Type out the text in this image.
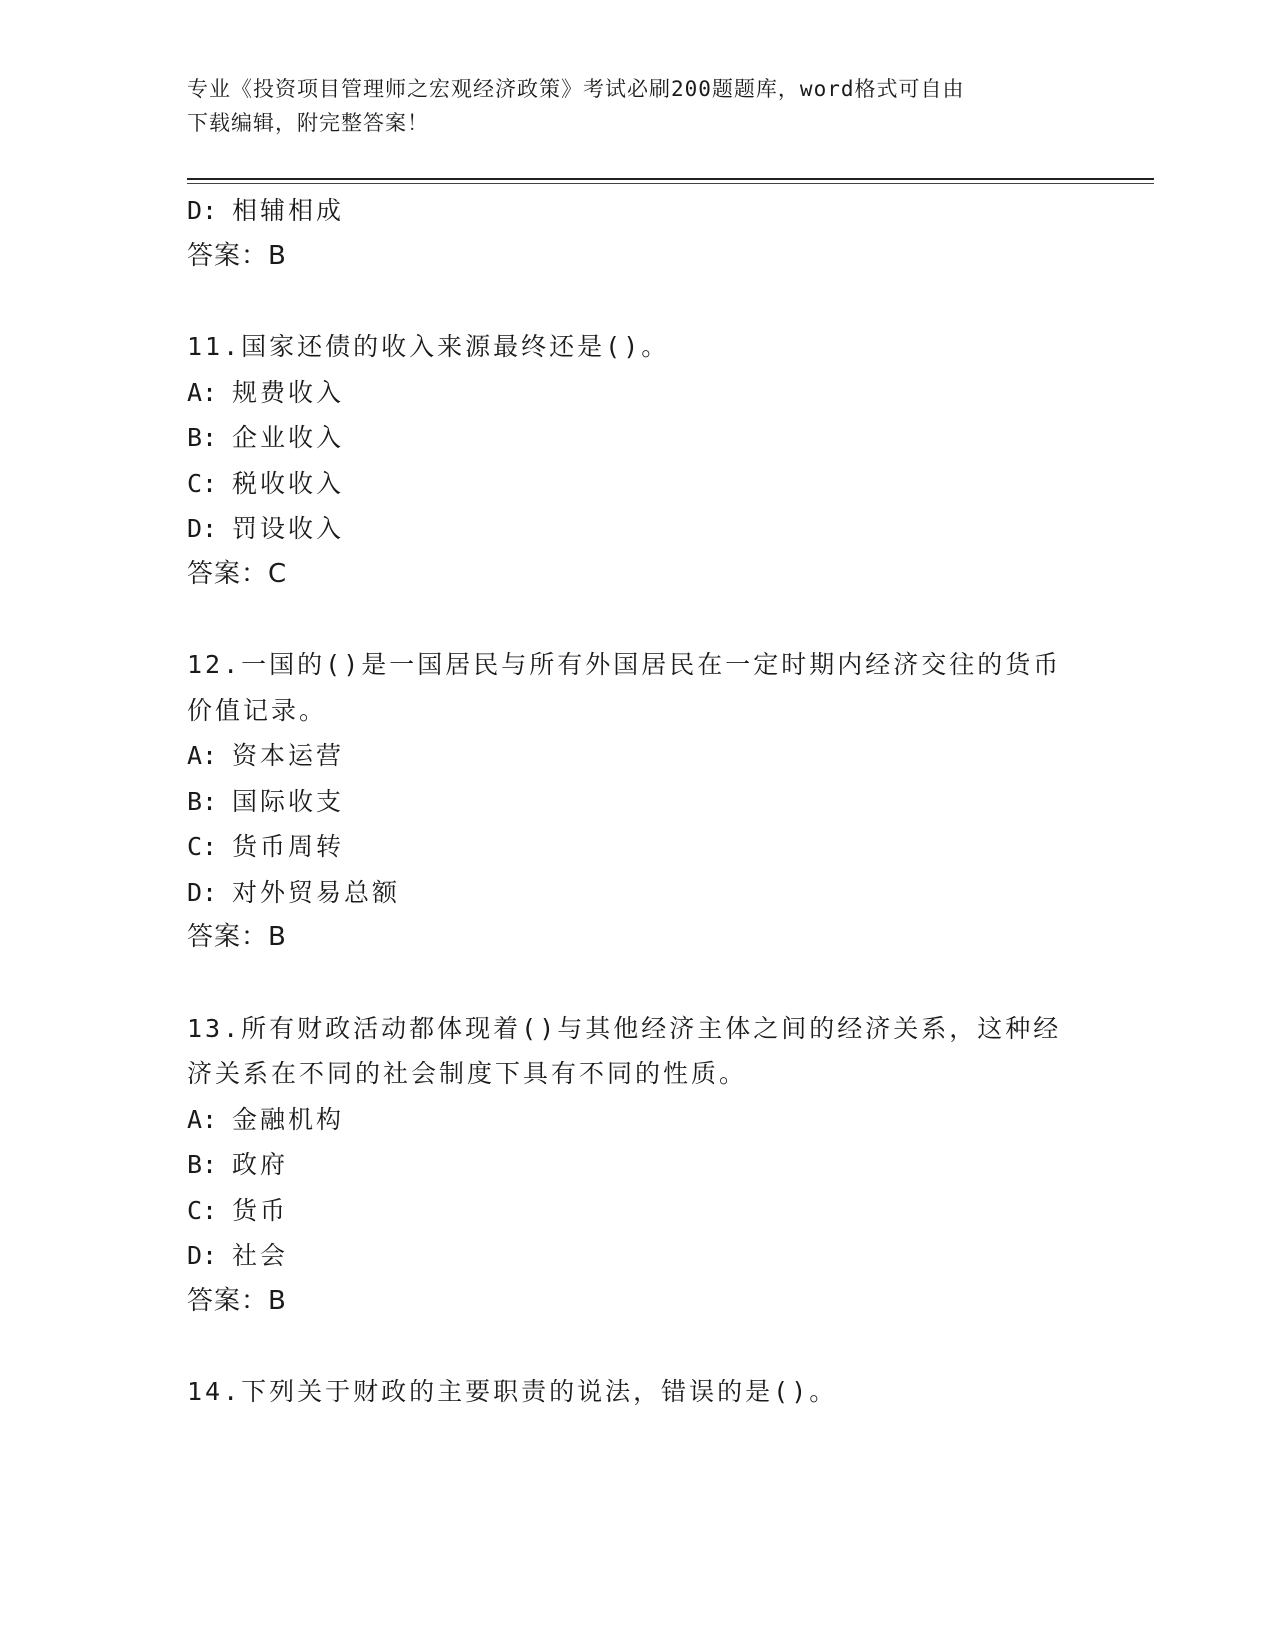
专业《投资项目管理师之宏观经济政策》考试必刷200题题库，word格式可自由
下载编辑，附完整答案！
D: 相辅相成
答案：B
11.国家还债的收入来源最终还是()。
A: 规费收入
B: 企业收入
C: 税收收入
D: 罚设收入
答案：C
12.一国的()是一国居民与所有外国居民在一定时期内经济交往的货币价值记录。
A: 资本运营
B: 国际收支
C: 货币周转
D: 对外贸易总额
答案：B
13.所有财政活动都体现着()与其他经济主体之间的经济关系，这种经济关系在不同的社会制度下具有不同的性质。
A: 金融机构
B: 政府
C: 货币
D: 社会
答案：B
14.下列关于财政的主要职责的说法，错误的是()。
